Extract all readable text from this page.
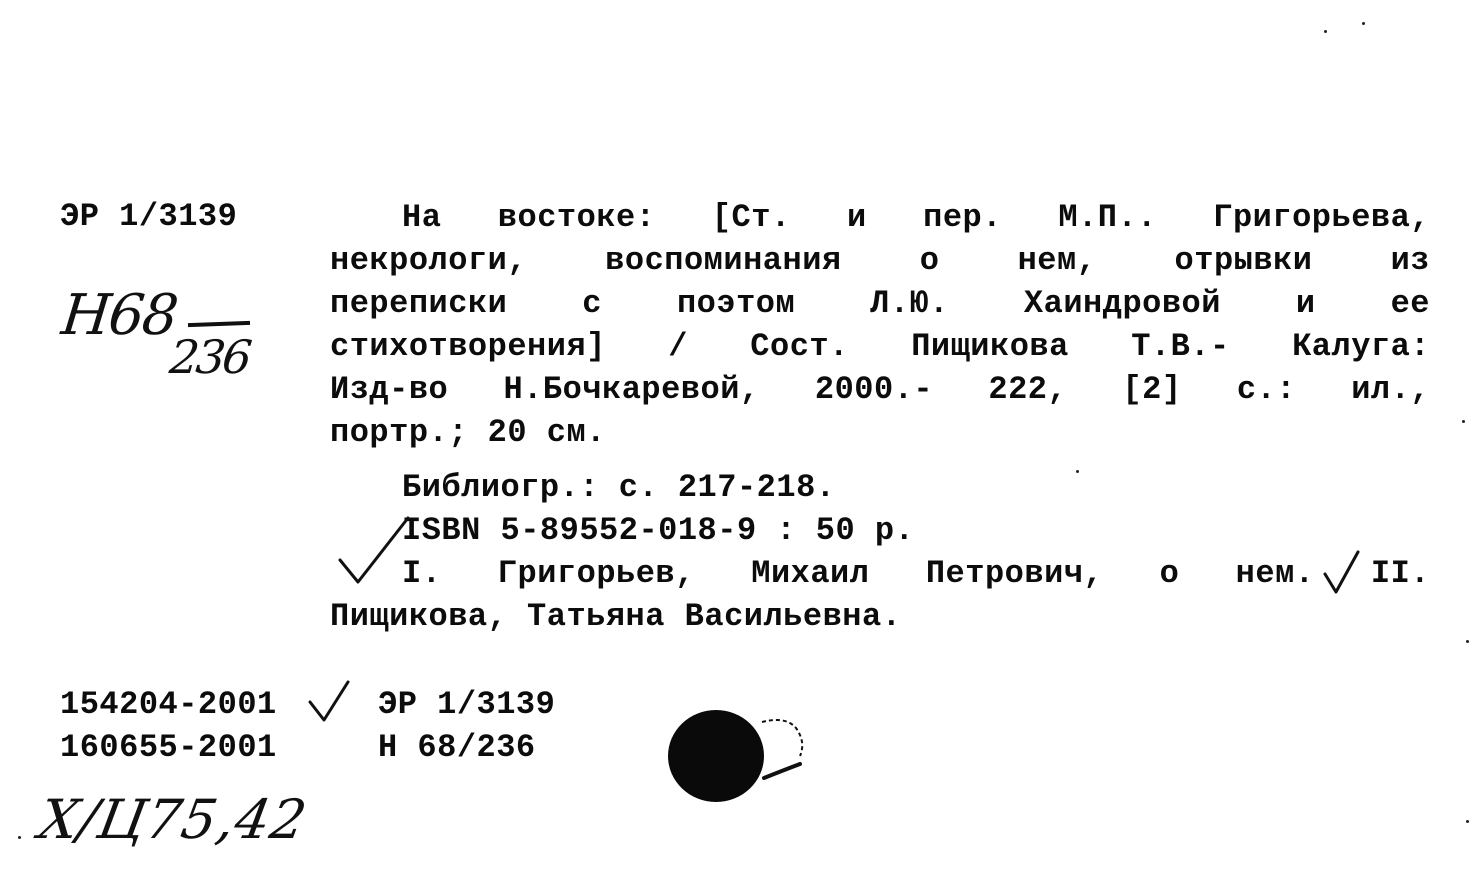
ЭР 1/3139
Н68
236

На востоке: [Ст. и пер. М.П.. Григорьева,

некрологи, воспоминания о нем, отрывки из

переписки с поэтом Л.Ю. Хаиндровой и ее

стихотворения] / Сост. Пищикова Т.В.- Калуга:

Изд-во Н.Бочкаревой, 2000.- 222, [2] с.: ил.,

портр.; 20 см.

Библиогр.: с. 217-218.

ISBN 5-89552-018-9 : 50 р.

I. Григорьев, Михаил Петрович, о нем. II.

Пищикова, Татьяна Васильевна.

154204-2001	ЭР 1/3139
160655-2001	Н 68/236
Х/Ц75,42
